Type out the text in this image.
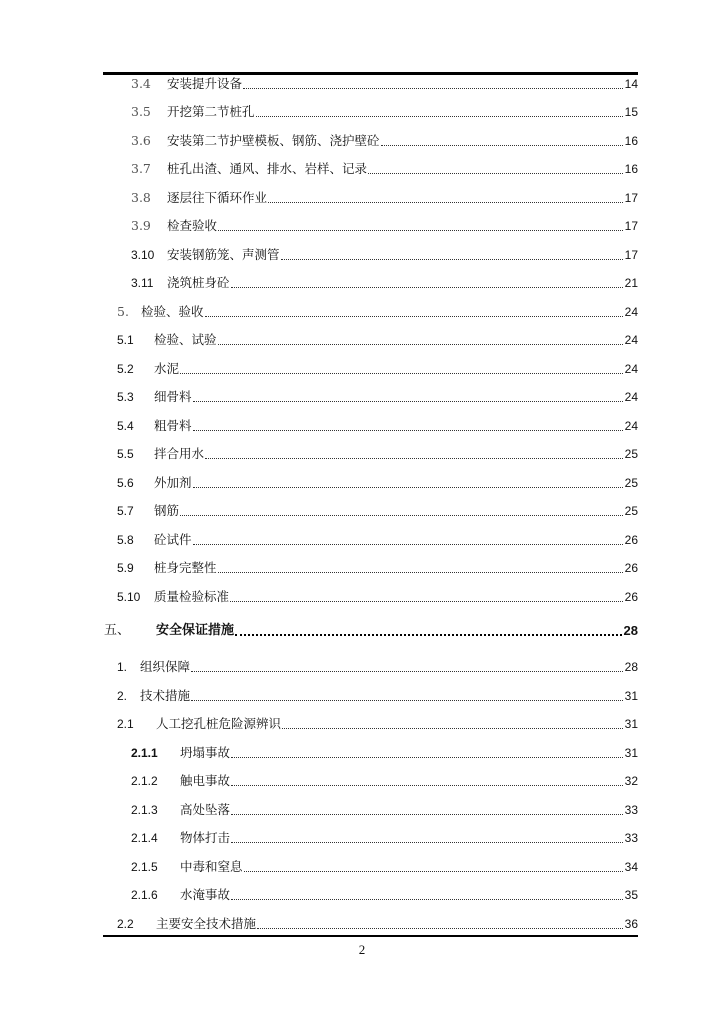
3.4	安装提升设备	14
3.5	开挖第二节桩孔	15
3.6	安装第二节护壁模板、钢筋、浇护壁砼	16
3.7	桩孔出渣、通风、排水、岩样、记录	16
3.8	逐层往下循环作业	17
3.9	检查验收	17
3.10	安装钢筋笼、声测管	17
3.11	浇筑桩身砼	21
5. 检验、验收	24
5.1	检验、试验	24
5.2	水泥	24
5.3	细骨料	24
5.4	粗骨料	24
5.5	拌合用水	25
5.6	外加剂	25
5.7	钢筋	25
5.8	砼试件	26
5.9	桩身完整性	26
5.10	质量检验标准	26
五、	安全保证措施	28
1.	组织保障	28
2.	技术措施	31
2.1	人工挖孔桩危险源辨识	31
2.1.1	坍塌事故	31
2.1.2	触电事故	32
2.1.3	高处坠落	33
2.1.4	物体打击	33
2.1.5	中毒和窒息	34
2.1.6	水淹事故	35
2.2	主要安全技术措施	36
2
